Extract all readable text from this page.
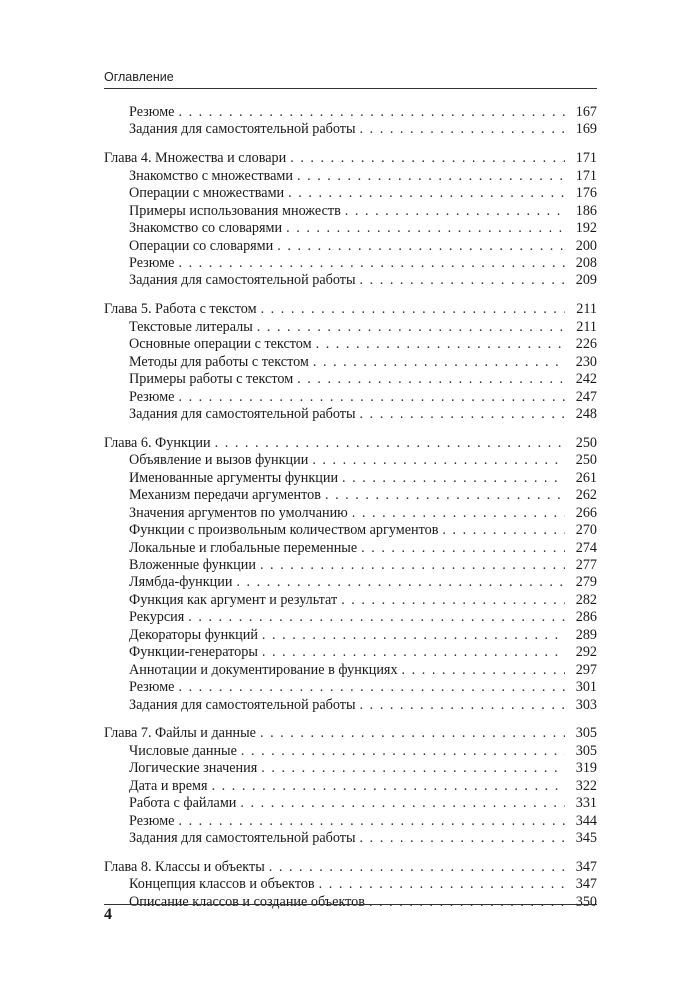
Оглавление
Резюме . . .	167
Задания для самостоятельной работы . . .	169
Глава 4. Множества и словари . . .	171
Знакомство с множествами . . .	171
Операции с множествами . . .	176
Примеры использования множеств . . .	186
Знакомство со словарями . . .	192
Операции со словарями . . .	200
Резюме . . .	208
Задания для самостоятельной работы . . .	209
Глава 5. Работа с текстом . . .	211
Текстовые литералы . . .	211
Основные операции с текстом . . .	226
Методы для работы с текстом . . .	230
Примеры работы с текстом . . .	242
Резюме . . .	247
Задания для самостоятельной работы . . .	248
Глава 6. Функции . . .	250
Объявление и вызов функции . . .	250
Именованные аргументы функции . . .	261
Механизм передачи аргументов . . .	262
Значения аргументов по умолчанию . . .	266
Функции с произвольным количеством аргументов . . .	270
Локальные и глобальные переменные . . .	274
Вложенные функции . . .	277
Лямбда-функции . . .	279
Функция как аргумент и результат . . .	282
Рекурсия . . .	286
Декораторы функций . . .	289
Функции-генераторы . . .	292
Аннотации и документирование в функциях . . .	297
Резюме . . .	301
Задания для самостоятельной работы . . .	303
Глава 7. Файлы и данные . . .	305
Числовые данные . . .	305
Логические значения . . .	319
Дата и время . . .	322
Работа с файлами . . .	331
Резюме . . .	344
Задания для самостоятельной работы . . .	345
Глава 8. Классы и объекты . . .	347
Концепция классов и объектов . . .	347
Описание классов и создание объектов . . .	350
4
